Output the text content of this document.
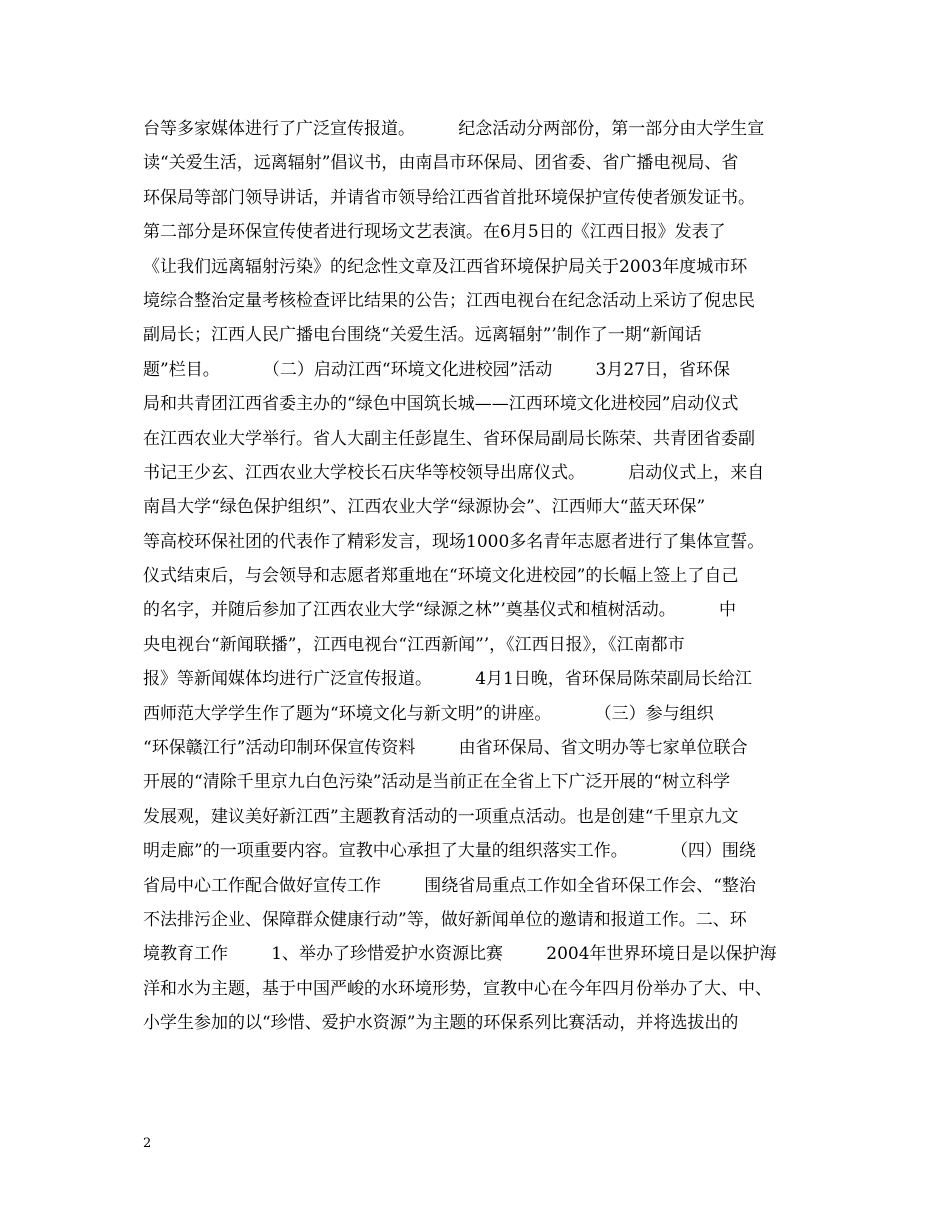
台等多家媒体进行了广泛宣传报道。        纪念活动分两部份，第一部分由大学生宣
读“关爱生活，远离辐射”倡议书，由南昌市环保局、团省委、省广播电视局、省
环保局等部门领导讲话，并请省市领导给江西省首批环境保护宣传使者颁发证书。
第二部分是环保宣传使者进行现场文艺表演。在6月5日的《江西日报》发表了
《让我们远离辐射污染》的纪念性文章及江西省环境保护局关于2003年度城市环
境综合整治定量考核检查评比结果的公告；江西电视台在纪念活动上采访了倪忠民
副局长；江西人民广播电台围绕“关爱生活。远离辐射”’制作了一期“新闻话
题”栏目。        （二）启动江西“环境文化进校园”活动        3月27日，省环保
局和共青团江西省委主办的“绿色中国筑长城——江西环境文化进校园”启动仪式
在江西农业大学举行。省人大副主任彭崑生、省环保局副局长陈荣、共青团省委副
书记王少玄、江西农业大学校长石庆华等校领导出席仪式。        启动仪式上，来自
南昌大学“绿色保护组织”、江西农业大学“绿源协会”、江西师大“蓝天环保”
等高校环保社团的代表作了精彩发言，现场1000多名青年志愿者进行了集体宣誓。
仪式结束后，与会领导和志愿者郑重地在“环境文化进校园”的长幅上签上了自己
的名字，并随后参加了江西农业大学“绿源之林”’奠基仪式和植树活动。        中
央电视台“新闻联播”，江西电视台“江西新闻”’，《江西日报》，《江南都市
报》等新闻媒体均进行广泛宣传报道。        4月1日晚，省环保局陈荣副局长给江
西师范大学学生作了题为“环境文化与新文明”的讲座。        （三）参与组织
“环保赣江行”活动印制环保宣传资料        由省环保局、省文明办等七家单位联合
开展的“清除千里京九白色污染”活动是当前正在全省上下广泛开展的“树立科学
发展观，建议美好新江西”主题教育活动的一项重点活动。也是创建“千里京九文
明走廊”的一项重要内容。宣教中心承担了大量的组织落实工作。        （四）围绕
省局中心工作配合做好宣传工作        围绕省局重点工作如全省环保工作会、“整治
不法排污企业、保障群众健康行动”等，做好新闻单位的邀请和报道工作。二、环
境教育工作        1、举办了珍惜爱护水资源比赛        2004年世界环境日是以保护海
洋和水为主题，基于中国严峻的水环境形势，宣教中心在今年四月份举办了大、中、
小学生参加的以“珍惜、爱护水资源”为主题的环保系列比赛活动，并将选拔出的
2
